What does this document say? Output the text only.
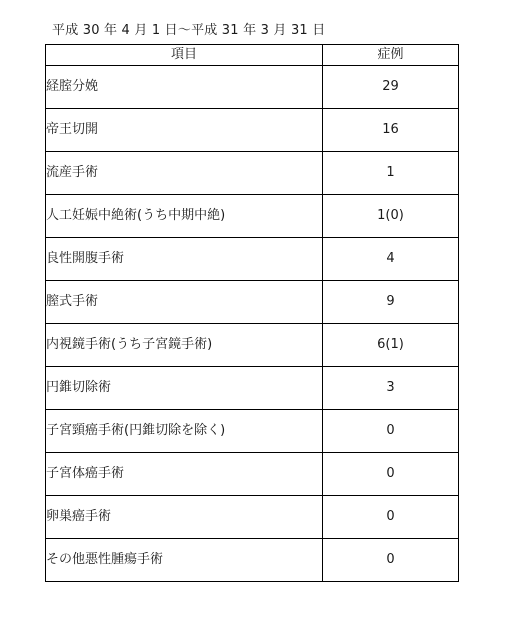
平成 30 年 4 月 1 日～平成 31 年 3 月 31 日
項目	症例
経腟分娩	29
帝王切開	16
流産手術	1
人工妊娠中絶術(うち中期中絶)	1(0)
良性開腹手術	4
膣式手術	9
内視鏡手術(うち子宮鏡手術)	6(1)
円錐切除術	3
子宮頸癌手術(円錐切除を除く)	0
子宮体癌手術	0
卵巣癌手術	0
その他悪性腫瘍手術	0
